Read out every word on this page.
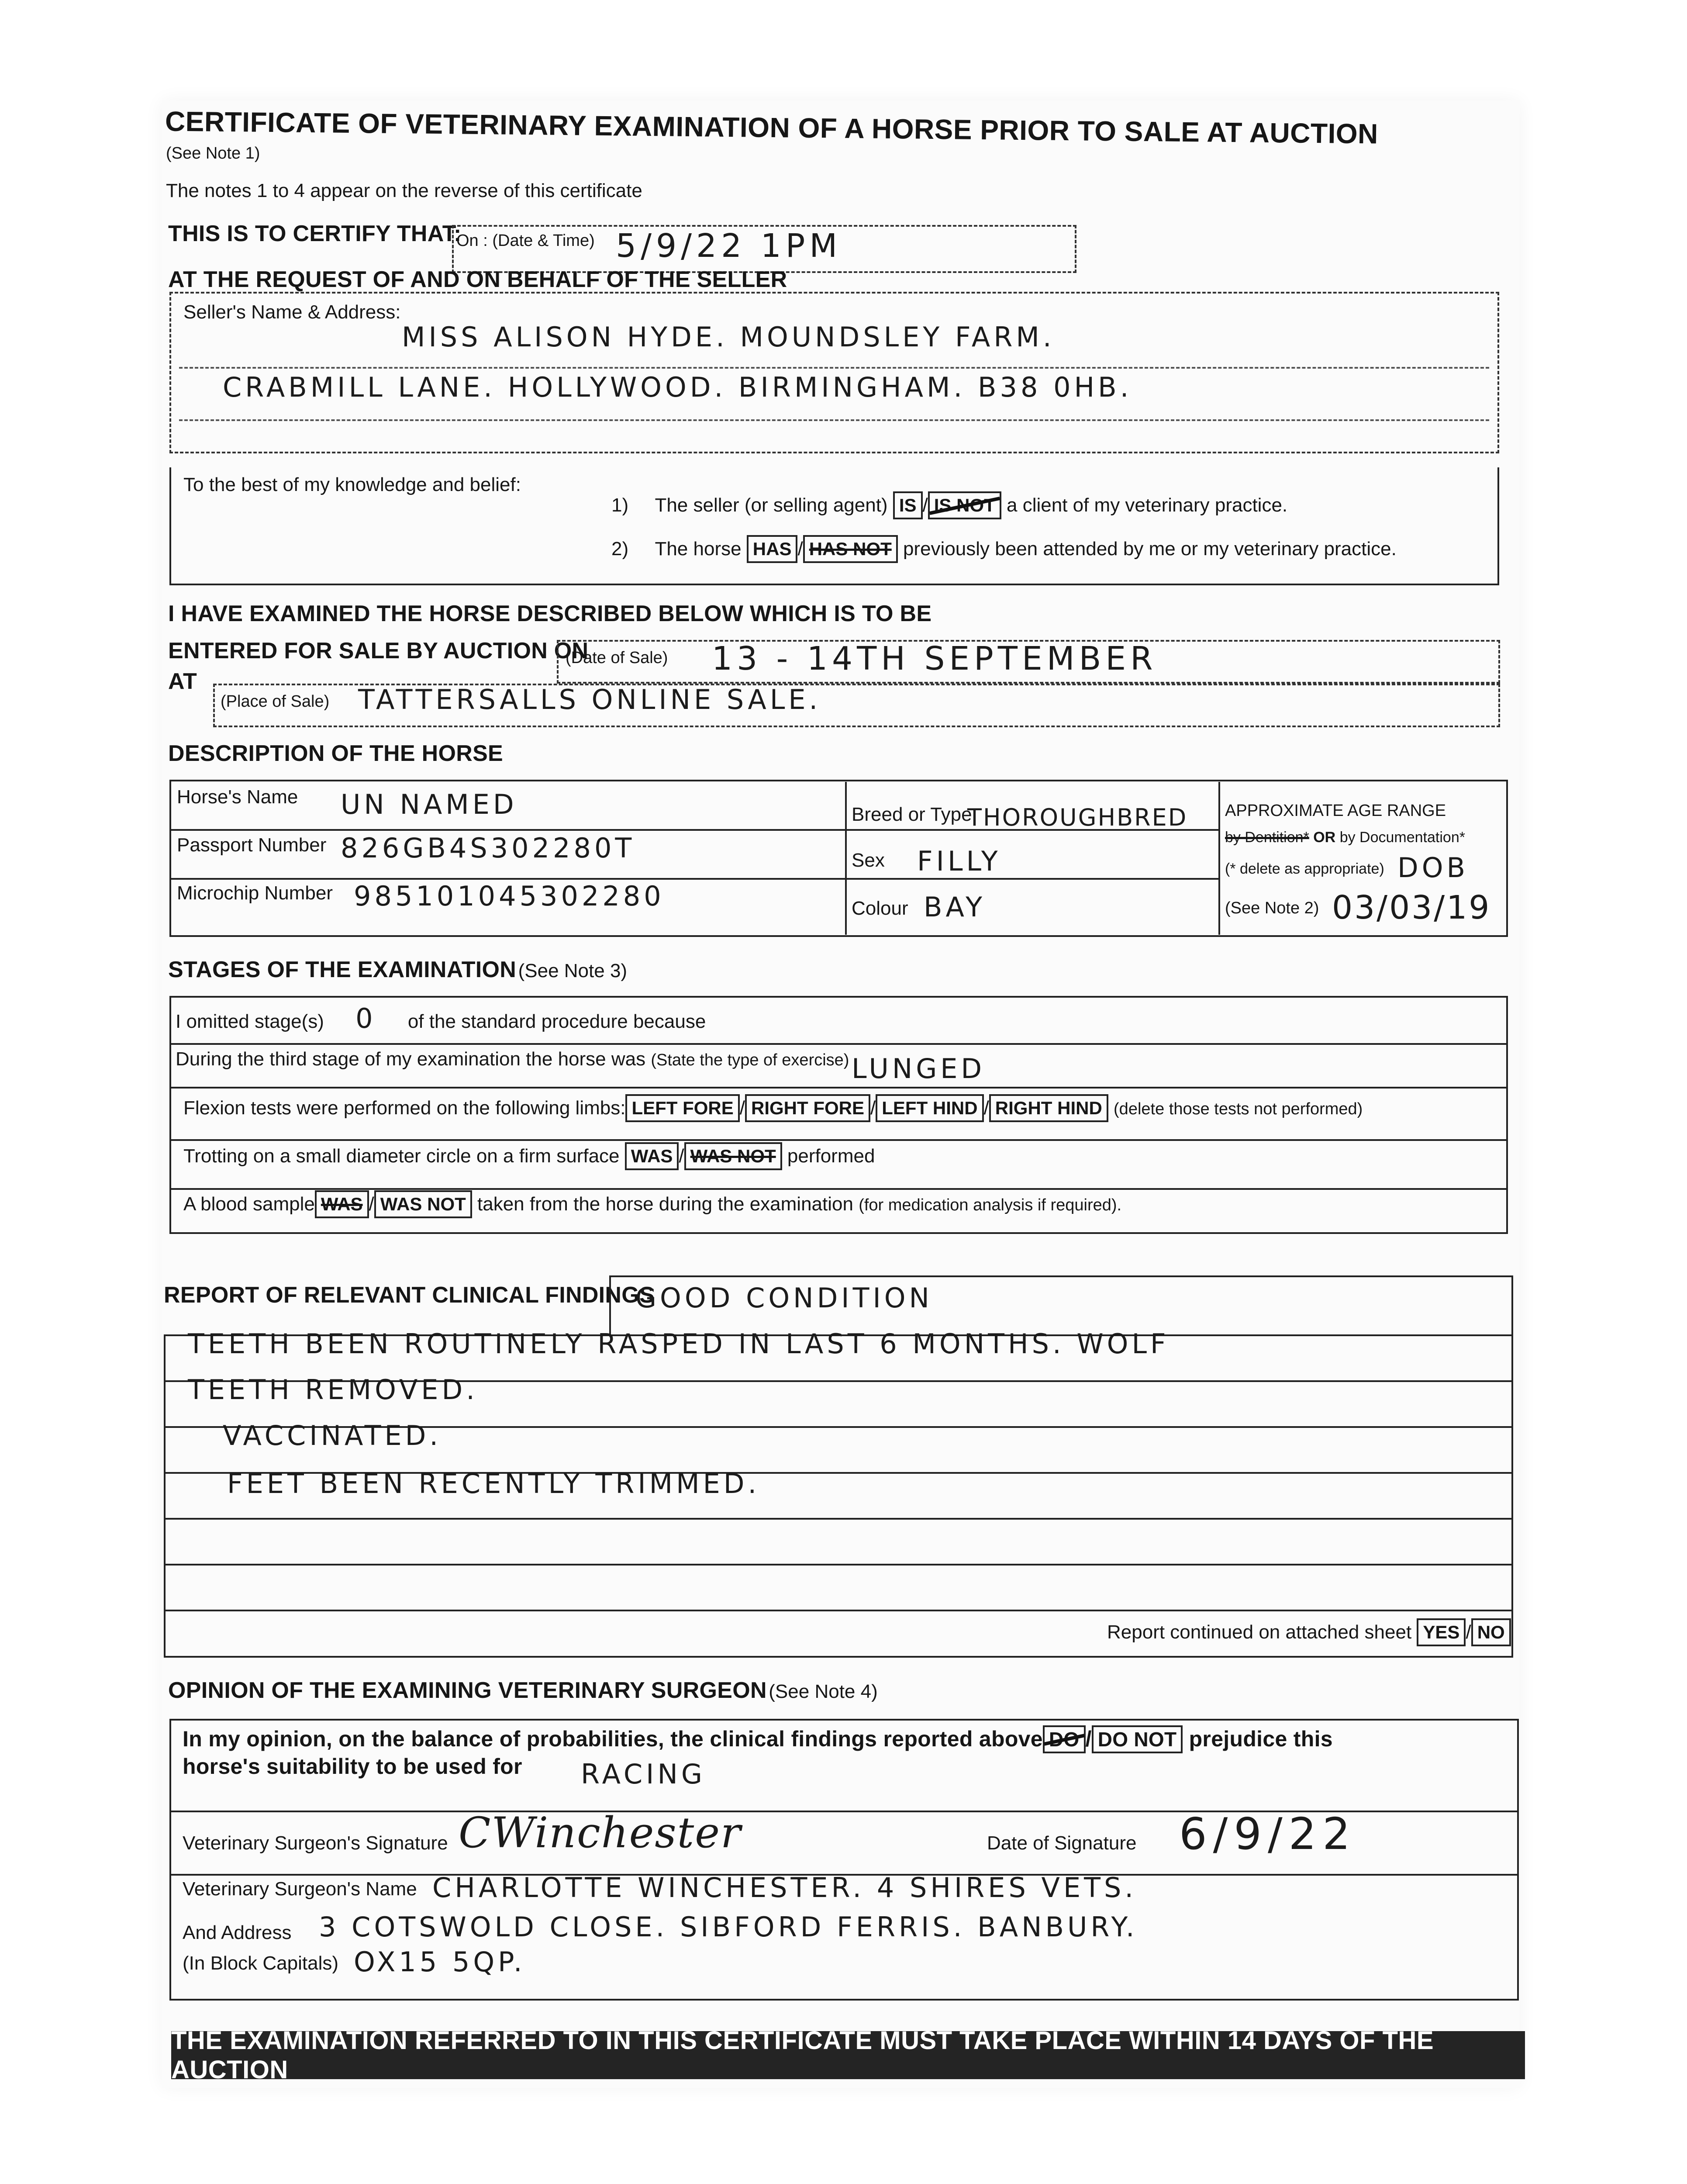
CERTIFICATE OF VETERINARY EXAMINATION OF A HORSE PRIOR TO SALE AT AUCTION
(See Note 1)
The notes 1 to 4 appear on the reverse of this certificate
THIS IS TO CERTIFY THAT:
On : (Date & Time) 5/9/22 1PM
AT THE REQUEST OF AND ON BEHALF OF THE SELLER
Seller's Name & Address:
MISS ALISON HYDE. MOUNDSLEY FARM.
CRABMILL LANE. HOLLYWOOD. BIRMINGHAM. B38 0HB.
To the best of my knowledge and belief:
1) The seller (or selling agent) IS / IS NOT a client of my veterinary practice.
2) The horse HAS / HAS NOT previously been attended by me or my veterinary practice.
I HAVE EXAMINED THE HORSE DESCRIBED BELOW WHICH IS TO BE
ENTERED FOR SALE BY AUCTION ON
(Date of Sale) 13 - 14TH SEPTEMBER
AT
(Place of Sale) TATTERSALLS ONLINE SALE.
DESCRIPTION OF THE HORSE
Horse's Name UN NAMED
Passport Number 826GB4S302280T
Microchip Number 985101045302280
Breed or Type
THOROUGHBRED
Sex FILLY
Colour BAY
APPROXIMATE AGE RANGE
by Dentition* OR by Documentation*
(* delete as appropriate) DOB
(See Note 2) 03/03/19
STAGES OF THE EXAMINATION (See Note 3)
I omitted stage(s) 0 of the standard procedure because
During the third stage of my examination the horse was (State the type of exercise) LUNGED
Flexion tests were performed on the following limbs: LEFT FORE / RIGHT FORE / LEFT HIND / RIGHT HIND (delete those tests not performed)
Trotting on a small diameter circle on a firm surface WAS / WAS NOT performed
A blood sample WAS / WAS NOT taken from the horse during the examination (for medication analysis if required).
REPORT OF RELEVANT CLINICAL FINDINGS
GOOD CONDITION
TEETH BEEN ROUTINELY RASPED IN LAST 6 MONTHS. WOLF
TEETH REMOVED.
VACCINATED.
FEET BEEN RECENTLY TRIMMED.
Report continued on attached sheet YES / NO
OPINION OF THE EXAMINING VETERINARY SURGEON (See Note 4)
In my opinion, on the balance of probabilities, the clinical findings reported above DO / DO NOT prejudice this
horse's suitability to be used for RACING
Veterinary Surgeon's Signature CWinchester	Date of Signature 6/9/22
Veterinary Surgeon's Name CHARLOTTE WINCHESTER. 4 SHIRES VETS.
And Address
(In Block Capitals)
3 COTSWOLD CLOSE. SIBFORD FERRIS. BANBURY.
OX15 5QP.
THE EXAMINATION REFERRED TO IN THIS CERTIFICATE MUST TAKE PLACE WITHIN 14 DAYS OF THE AUCTION
